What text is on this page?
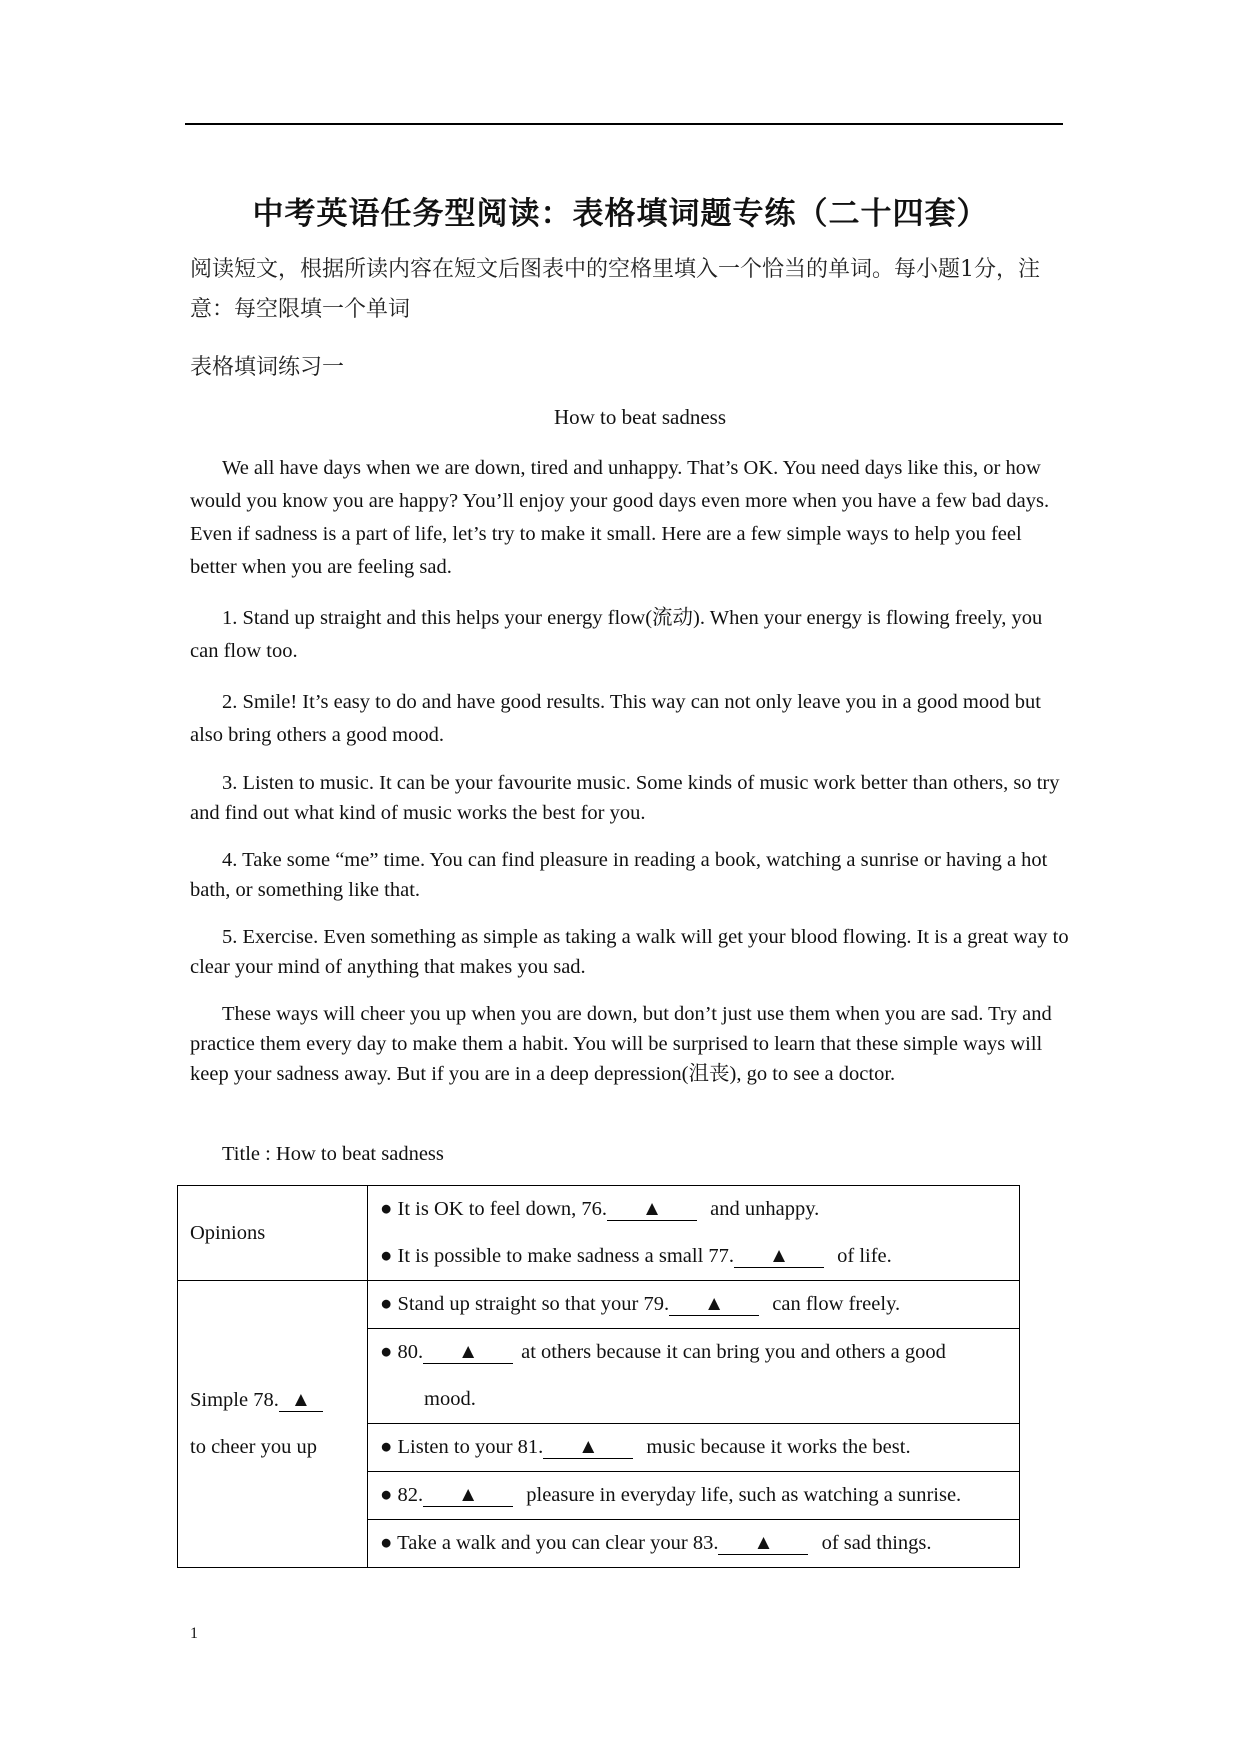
中考英语任务型阅读：表格填词题专练（二十四套）
阅读短文，根据所读内容在短文后图表中的空格里填入一个恰当的单词。每小题1分，注意：每空限填一个单词
表格填词练习一
How to beat sadness

We all have days when we are down, tired and unhappy. That’s OK. You need days like this, or how would you know you are happy? You’ll enjoy your good days even more when you have a few bad days. Even if sadness is a part of life, let’s try to make it small. Here are a few simple ways to help you feel better when you are feeling sad.

1. Stand up straight and this helps your energy flow(流动). When your energy is flowing freely, you can flow too.

2. Smile! It’s easy to do and have good results. This way can not only leave you in a good mood but also bring others a good mood.

3. Listen to music. It can be your favourite music. Some kinds of music work better than others, so try and find out what kind of music works the best for you.

4. Take some “me” time. You can find pleasure in reading a book, watching a sunrise or having a hot bath, or something like that.

5. Exercise. Even something as simple as taking a walk will get your blood flowing. It is a great way to clear your mind of anything that makes you sad.

These ways will cheer you up when you are down, but don’t just use them when you are sad. Try and practice them every day to make them a habit. You will be surprised to learn that these simple ways will keep your sadness away. But if you are in a deep depression(沮丧), go to see a doctor.

Title : How to beat sadness
Opinions	● It is OK to feel down, 76. ▲ and unhappy.
● It is possible to make sadness a small 77. ▲ of life.

Simple 78. ▲
to cheer you up	● Stand up straight so that your 79. ▲ can flow freely.

	● 80. ▲ at others because it can bring you and others a good
mood.

	● Listen to your 81. ▲ music because it works the best.

	● 82. ▲ pleasure in everyday life, such as watching a sunrise.

	● Take a walk and you can clear your 83. ▲ of sad things.
1
